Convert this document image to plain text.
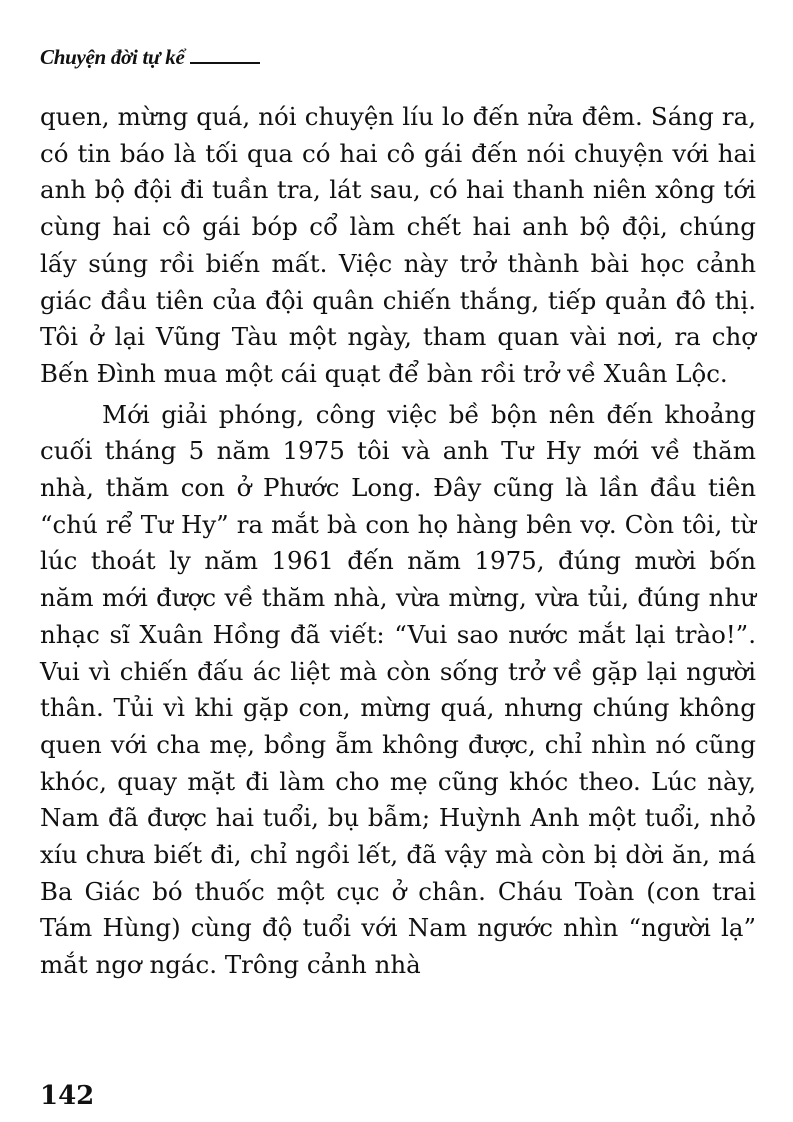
Chuyện đời tự kể

quen, mừng quá, nói chuyện líu lo đến nửa đêm. Sáng ra, có tin báo là tối qua có hai cô gái đến nói chuyện với hai anh bộ đội đi tuần tra, lát sau, có hai thanh niên xông tới cùng hai cô gái bóp cổ làm chết hai anh bộ đội, chúng lấy súng rồi biến mất. Việc này trở thành bài học cảnh giác đầu tiên của đội quân chiến thắng, tiếp quản đô thị. Tôi ở lại Vũng Tàu một ngày, tham quan vài nơi, ra chợ Bến Đình mua một cái quạt để bàn rồi trở về Xuân Lộc.

Mới giải phóng, công việc bề bộn nên đến khoảng cuối tháng 5 năm 1975 tôi và anh Tư Hy mới về thăm nhà, thăm con ở Phước Long. Đây cũng là lần đầu tiên “chú rể Tư Hy” ra mắt bà con họ hàng bên vợ. Còn tôi, từ lúc thoát ly năm 1961 đến năm 1975, đúng mười bốn năm mới được về thăm nhà, vừa mừng, vừa tủi, đúng như nhạc sĩ Xuân Hồng đã viết: “Vui sao nước mắt lại trào!”. Vui vì chiến đấu ác liệt mà còn sống trở về gặp lại người thân. Tủi vì khi gặp con, mừng quá, nhưng chúng không quen với cha mẹ, bồng ẵm không được, chỉ nhìn nó cũng khóc, quay mặt đi làm cho mẹ cũng khóc theo. Lúc này, Nam đã được hai tuổi, bụ bẫm; Huỳnh Anh một tuổi, nhỏ xíu chưa biết đi, chỉ ngồi lết, đã vậy mà còn bị dời ăn, má Ba Giác bó thuốc một cục ở chân. Cháu Toàn (con trai Tám Hùng) cùng độ tuổi với Nam ngước nhìn “người lạ” mắt ngơ ngác. Trông cảnh nhà

142
